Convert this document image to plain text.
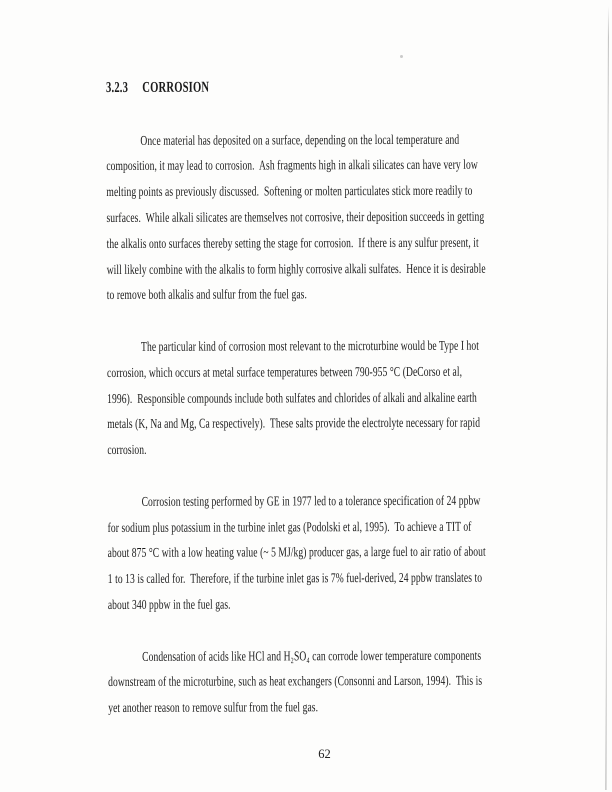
3.2.3 CORROSION

Once material has deposited on a surface, depending on the local temperature and
composition, it may lead to corrosion.  Ash fragments high in alkali silicates can have very low
melting points as previously discussed.  Softening or molten particulates stick more readily to
surfaces.  While alkali silicates are themselves not corrosive, their deposition succeeds in getting
the alkalis onto surfaces thereby setting the stage for corrosion.  If there is any sulfur present, it
will likely combine with the alkalis to form highly corrosive alkali sulfates.  Hence it is desirable
to remove both alkalis and sulfur from the fuel gas.

The particular kind of corrosion most relevant to the microturbine would be Type I hot
corrosion, which occurs at metal surface temperatures between 790-955 °C (DeCorso et al,
1996).  Responsible compounds include both sulfates and chlorides of alkali and alkaline earth
metals (K, Na and Mg, Ca respectively).  These salts provide the electrolyte necessary for rapid
corrosion.

Corrosion testing performed by GE in 1977 led to a tolerance specification of 24 ppbw
for sodium plus potassium in the turbine inlet gas (Podolski et al, 1995).  To achieve a TIT of
about 875 °C with a low heating value (~ 5 MJ/kg) producer gas, a large fuel to air ratio of about
1 to 13 is called for.  Therefore, if the turbine inlet gas is 7% fuel-derived, 24 ppbw translates to
about 340 ppbw in the fuel gas.

Condensation of acids like HCl and H₂SO₄ can corrode lower temperature components
downstream of the microturbine, such as heat exchangers (Consonni and Larson, 1994).  This is
yet another reason to remove sulfur from the fuel gas.

62
